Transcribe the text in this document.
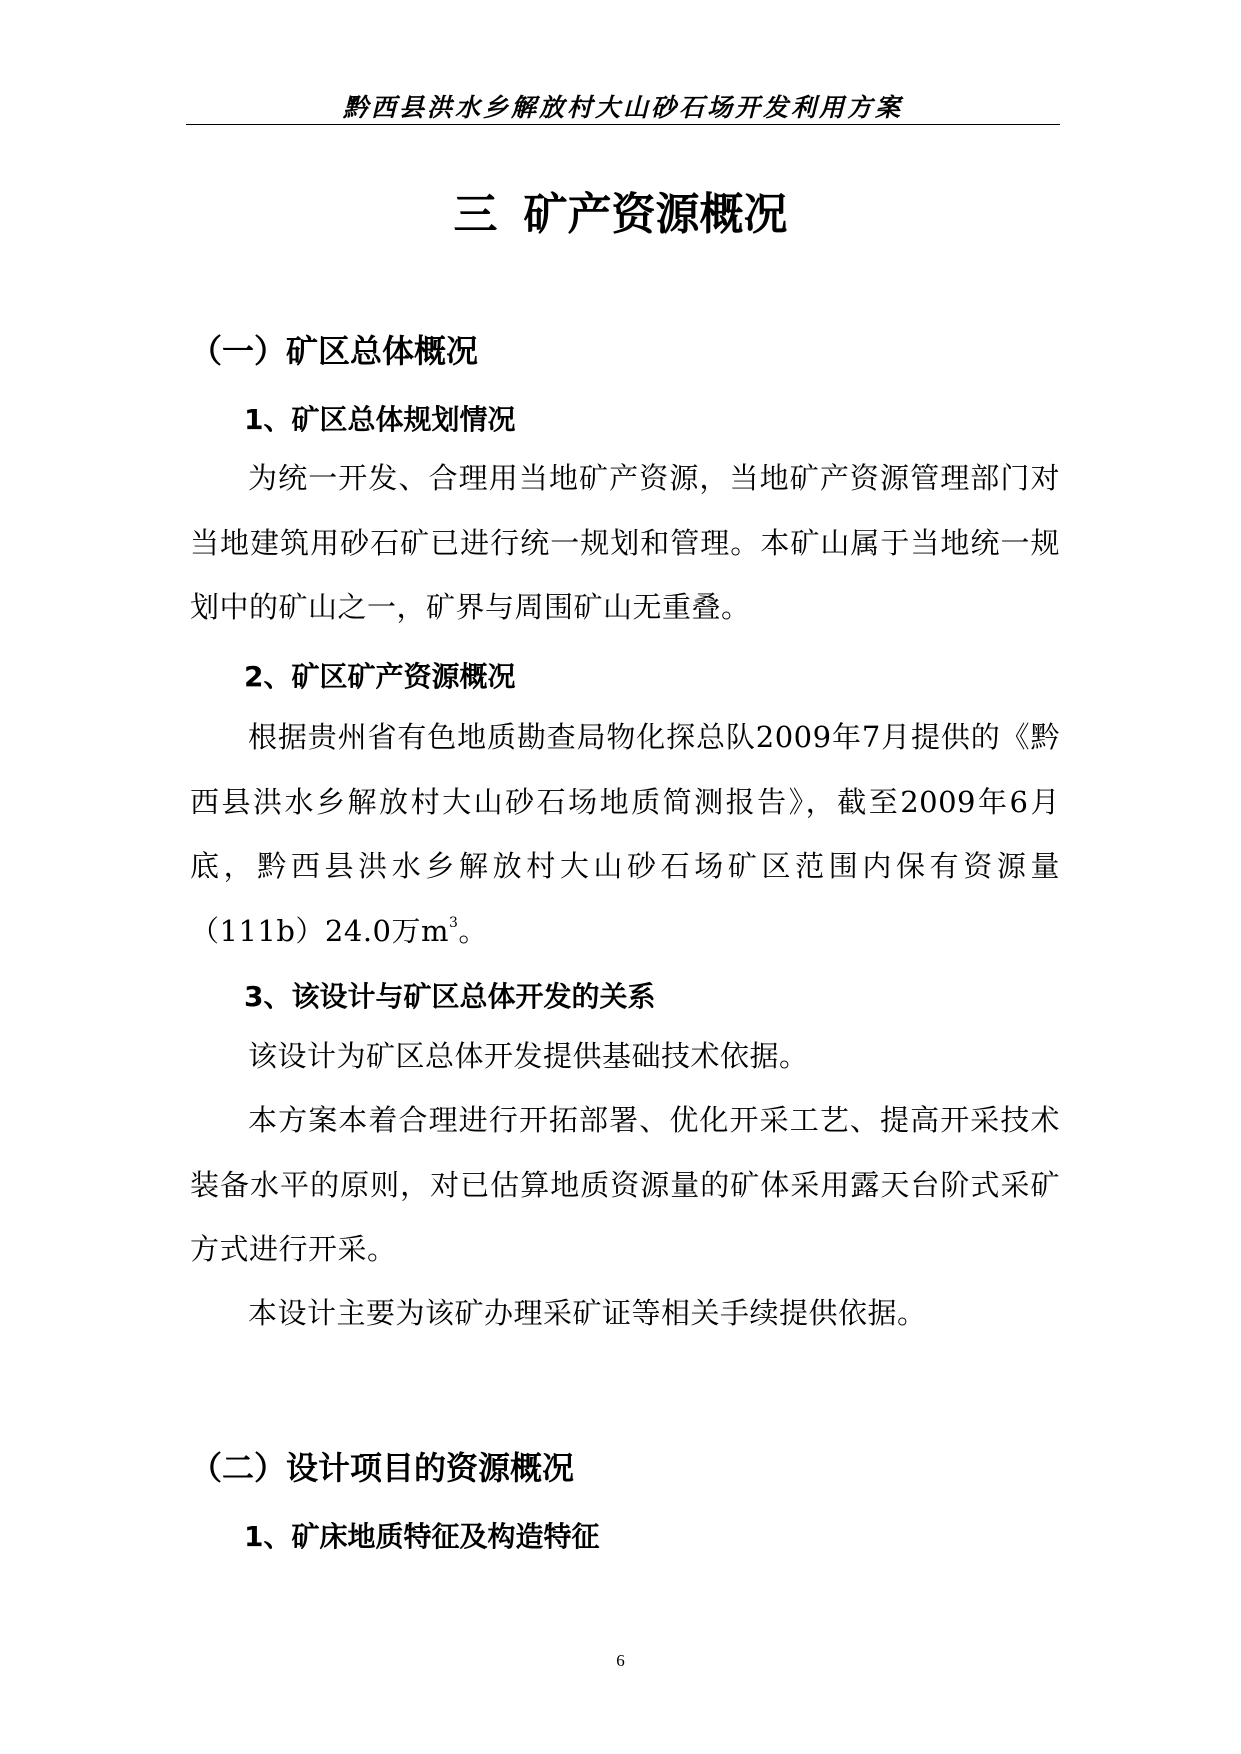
黔西县洪水乡解放村大山砂石场开发利用方案
三 矿产资源概况
（一）矿区总体概况
1、矿区总体规划情况

为统一开发、合理用当地矿产资源，当地矿产资源管理部门对当地建筑用砂石矿已进行统一规划和管理。本矿山属于当地统一规划中的矿山之一，矿界与周围矿山无重叠。

2、矿区矿产资源概况

根据贵州省有色地质勘查局物化探总队2009年7月提供的《黔西县洪水乡解放村大山砂石场地质简测报告》，截至2009年6月底，黔西县洪水乡解放村大山砂石场矿区范围内保有资源量（111b）24.0万$m^3$。

3、该设计与矿区总体开发的关系

该设计为矿区总体开发提供基础技术依据。

本方案本着合理进行开拓部署、优化开采工艺、提高开采技术装备水平的原则，对已估算地质资源量的矿体采用露天台阶式采矿方式进行开采。

本设计主要为该矿办理采矿证等相关手续提供依据。

（二）设计项目的资源概况
1、矿床地质特征及构造特征
6
